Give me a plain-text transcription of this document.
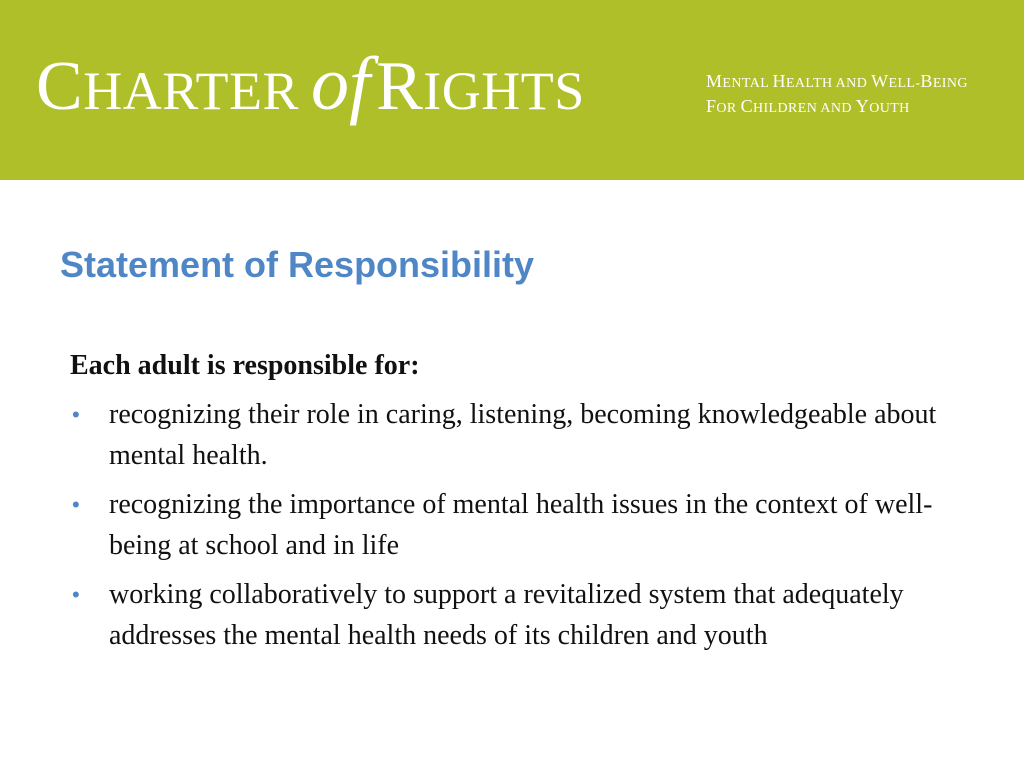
CHARTER ofRIGHTS	MENTAL HEALTH AND WELL-BEING
FOR CHILDREN AND YOUTH
Statement of Responsibility

Each adult is responsible for:

• recognizing their role in caring, listening, becoming knowledgeable about mental health.
• recognizing the importance of mental health issues in the context of well-being at school and in life
• working collaboratively to support a revitalized system that adequately addresses the mental health needs of its children and youth
